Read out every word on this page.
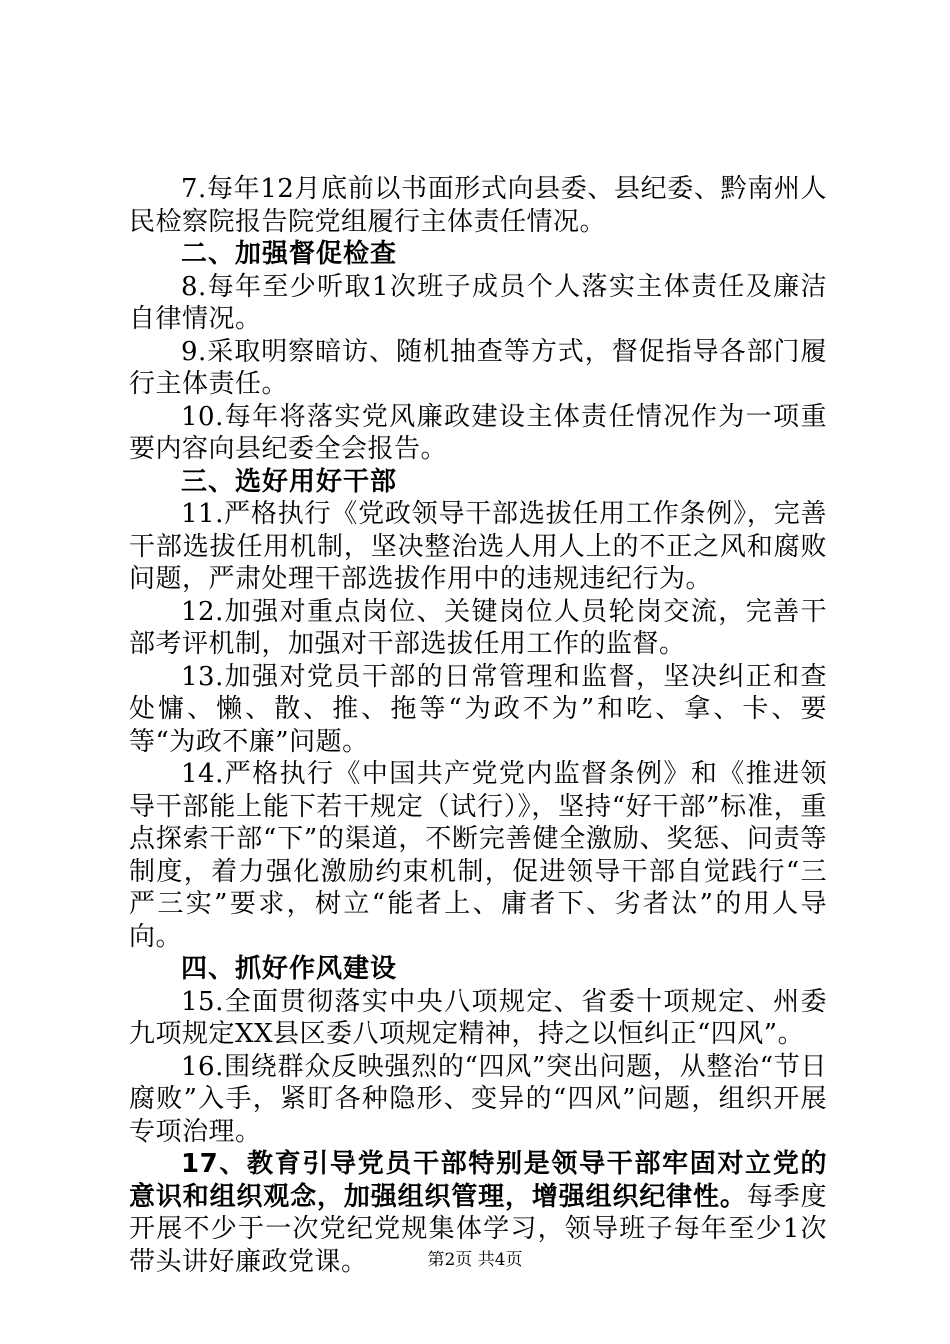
7.每年12月底前以书面形式向县委、县纪委、黔南州人民检察院报告院党组履行主体责任情况。

二、加强督促检查

8.每年至少听取1次班子成员个人落实主体责任及廉洁自律情况。

9.采取明察暗访、随机抽查等方式，督促指导各部门履行主体责任。

10.每年将落实党风廉政建设主体责任情况作为一项重要内容向县纪委全会报告。

三、选好用好干部

11.严格执行《党政领导干部选拔任用工作条例》，完善干部选拔任用机制，坚决整治选人用人上的不正之风和腐败问题，严肃处理干部选拔作用中的违规违纪行为。

12.加强对重点岗位、关键岗位人员轮岗交流，完善干部考评机制，加强对干部选拔任用工作的监督。

13.加强对党员干部的日常管理和监督，坚决纠正和查处慵、懒、散、推、拖等“为政不为”和吃、拿、卡、要等“为政不廉”问题。

14.严格执行《中国共产党党内监督条例》和《推进领导干部能上能下若干规定（试行）》，坚持“好干部”标准，重点探索干部“下”的渠道，不断完善健全激励、奖惩、问责等制度，着力强化激励约束机制，促进领导干部自觉践行“三严三实”要求，树立“能者上、庸者下、劣者汰”的用人导向。

四、抓好作风建设

15.全面贯彻落实中央八项规定、省委十项规定、州委九项规定XX县区委八项规定精神，持之以恒纠正“四风”。

16.围绕群众反映强烈的“四风”突出问题，从整治“节日腐败”入手，紧盯各种隐形、变异的“四风”问题，组织开展专项治理。

17、教育引导党员干部特别是领导干部牢固对立党的意识和组织观念，加强组织管理，增强组织纪律性。每季度开展不少于一次党纪党规集体学习，领导班子每年至少1次带头讲好廉政党课。	第2页 共4页
